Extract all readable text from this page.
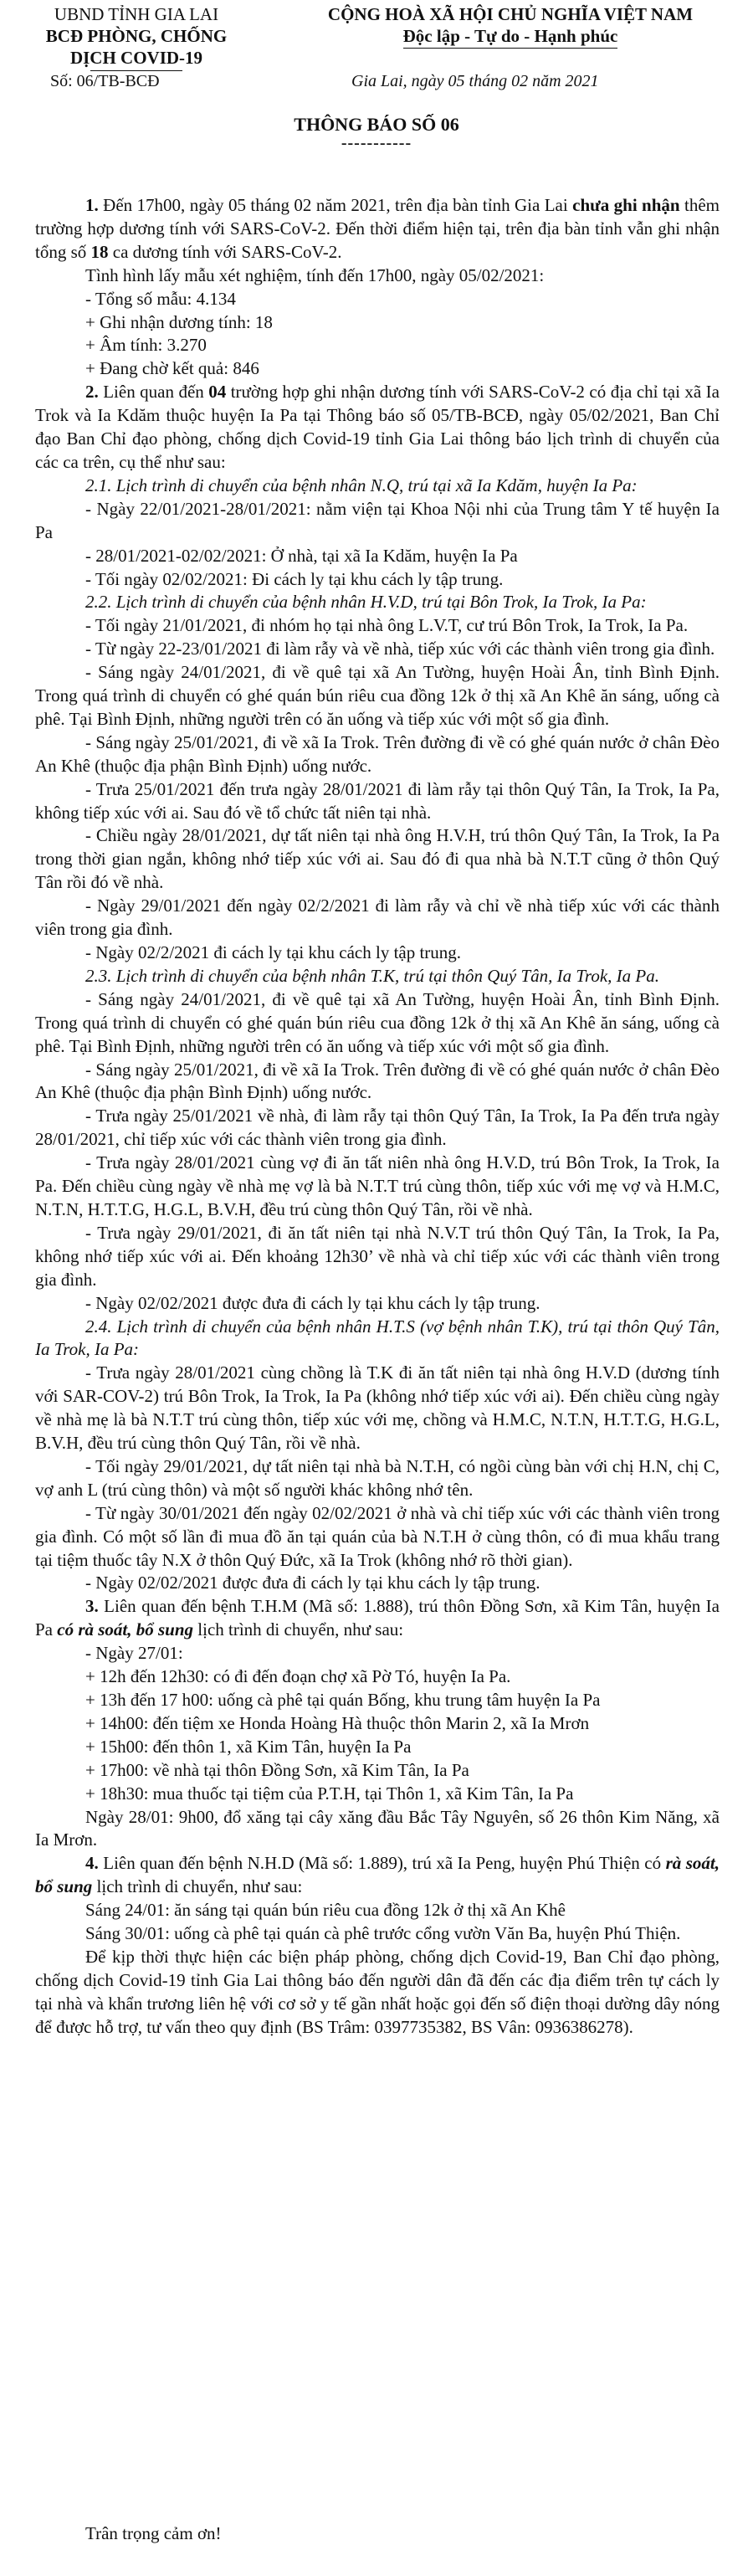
UBND TỈNH GIA LAI
BCĐ PHÒNG, CHỐNG
DỊCH COVID-19
CỘNG HOÀ XÃ HỘI CHỦ NGHĨA VIỆT NAM
Độc lập - Tự do - Hạnh phúc
Số: 06/TB-BCĐ	Gia Lai, ngày 05 tháng 02 năm 2021
THÔNG BÁO SỐ 06
-----------

1. Đến 17h00, ngày 05 tháng 02 năm 2021, trên địa bàn tỉnh Gia Lai chưa ghi nhận thêm trường hợp dương tính với SARS-CoV-2. Đến thời điểm hiện tại, trên địa bàn tỉnh vẫn ghi nhận tổng số 18 ca dương tính với SARS-CoV-2.

Tình hình lấy mẫu xét nghiệm, tính đến 17h00, ngày 05/02/2021:

- Tổng số mẫu: 4.134

+ Ghi nhận dương tính: 18

+ Âm tính: 3.270

+ Đang chờ kết quả: 846

2. Liên quan đến 04 trường hợp ghi nhận dương tính với SARS-CoV-2 có địa chỉ tại xã Ia Trok và Ia Kdăm thuộc huyện Ia Pa tại Thông báo số 05/TB-BCĐ, ngày 05/02/2021, Ban Chỉ đạo Ban Chỉ đạo phòng, chống dịch Covid-19 tỉnh Gia Lai thông báo lịch trình di chuyển của các ca trên, cụ thể như sau:

2.1. Lịch trình di chuyển của bệnh nhân N.Q, trú tại xã Ia Kdăm, huyện Ia Pa:

- Ngày 22/01/2021-28/01/2021: nằm viện tại Khoa Nội nhi của Trung tâm Y tế huyện Ia Pa

- 28/01/2021-02/02/2021: Ở nhà, tại xã Ia Kdăm, huyện Ia Pa

- Tối ngày 02/02/2021: Đi cách ly tại khu cách ly tập trung.

2.2. Lịch trình di chuyển của bệnh nhân H.V.D, trú tại Bôn Trok, Ia Trok, Ia Pa:

- Tối ngày 21/01/2021, đi nhóm họ tại nhà ông L.V.T, cư trú Bôn Trok, Ia Trok, Ia Pa.

- Từ ngày 22-23/01/2021 đi làm rẫy và về nhà, tiếp xúc với các thành viên trong gia đình.

- Sáng ngày 24/01/2021, đi về quê tại xã An Tường, huyện Hoài Ân, tỉnh Bình Định. Trong quá trình di chuyển có ghé quán bún riêu cua đồng 12k ở thị xã An Khê ăn sáng, uống cà phê. Tại Bình Định, những người trên có ăn uống và tiếp xúc với một số gia đình.

- Sáng ngày 25/01/2021, đi về xã Ia Trok. Trên đường đi về có ghé quán nước ở chân Đèo An Khê (thuộc địa phận Bình Định) uống nước.

- Trưa 25/01/2021 đến trưa ngày 28/01/2021 đi làm rẫy tại thôn Quý Tân, Ia Trok, Ia Pa, không tiếp xúc với ai. Sau đó về tổ chức tất niên tại nhà.

- Chiều ngày 28/01/2021, dự tất niên tại nhà ông H.V.H, trú thôn Quý Tân, Ia Trok, Ia Pa trong thời gian ngắn, không nhớ tiếp xúc với ai. Sau đó đi qua nhà bà N.T.T cũng ở thôn Quý Tân rồi đó về nhà.

- Ngày 29/01/2021 đến ngày 02/2/2021 đi làm rẫy và chỉ về nhà tiếp xúc với các thành viên trong gia đình.

- Ngày 02/2/2021 đi cách ly tại khu cách ly tập trung.

2.3. Lịch trình di chuyển của bệnh nhân T.K, trú tại thôn Quý Tân, Ia Trok, Ia Pa.

- Sáng ngày 24/01/2021, đi về quê tại xã An Tường, huyện Hoài Ân, tỉnh Bình Định. Trong quá trình di chuyển có ghé quán bún riêu cua đồng 12k ở thị xã An Khê ăn sáng, uống cà phê. Tại Bình Định, những người trên có ăn uống và tiếp xúc với một số gia đình.

- Sáng ngày 25/01/2021, đi về xã Ia Trok. Trên đường đi về có ghé quán nước ở chân Đèo An Khê (thuộc địa phận Bình Định) uống nước.

- Trưa ngày 25/01/2021 về nhà, đi làm rẫy tại thôn Quý Tân, Ia Trok, Ia Pa đến trưa ngày 28/01/2021, chỉ tiếp xúc với các thành viên trong gia đình.

- Trưa ngày 28/01/2021 cùng vợ đi ăn tất niên nhà ông H.V.D, trú Bôn Trok, Ia Trok, Ia Pa. Đến chiều cùng ngày về nhà mẹ vợ là bà N.T.T trú cùng thôn, tiếp xúc với mẹ vợ và H.M.C, N.T.N, H.T.T.G, H.G.L, B.V.H, đều trú cùng thôn Quý Tân, rồi về nhà.

- Trưa ngày 29/01/2021, đi ăn tất niên tại nhà N.V.T trú thôn Quý Tân, Ia Trok, Ia Pa, không nhớ tiếp xúc với ai. Đến khoảng 12h30’ về nhà và chỉ tiếp xúc với các thành viên trong gia đình.

- Ngày 02/02/2021 được đưa đi cách ly tại khu cách ly tập trung.

2.4. Lịch trình di chuyển của bệnh nhân H.T.S (vợ bệnh nhân T.K), trú tại thôn Quý Tân, Ia Trok, Ia Pa:

- Trưa ngày 28/01/2021 cùng chồng là T.K đi ăn tất niên tại nhà ông H.V.D (dương tính với SAR-COV-2) trú Bôn Trok, Ia Trok, Ia Pa (không nhớ tiếp xúc với ai). Đến chiều cùng ngày về nhà mẹ là bà N.T.T trú cùng thôn, tiếp xúc với mẹ, chồng và H.M.C, N.T.N, H.T.T.G, H.G.L, B.V.H, đều trú cùng thôn Quý Tân, rồi về nhà.

- Tối ngày 29/01/2021, dự tất niên tại nhà bà N.T.H, có ngồi cùng bàn với chị H.N, chị C, vợ anh L (trú cùng thôn) và một số người khác không nhớ tên.

- Từ ngày 30/01/2021 đến ngày 02/02/2021 ở nhà và chỉ tiếp xúc với các thành viên trong gia đình. Có một số lần đi mua đồ ăn tại quán của bà N.T.H ở cùng thôn, có đi mua khẩu trang tại tiệm thuốc tây N.X ở thôn Quý Đức, xã Ia Trok (không nhớ rõ thời gian).

- Ngày 02/02/2021 được đưa đi cách ly tại khu cách ly tập trung.

3. Liên quan đến bệnh T.H.M (Mã số: 1.888), trú thôn Đồng Sơn, xã Kim Tân, huyện Ia Pa có rà soát, bổ sung lịch trình di chuyển, như sau:

- Ngày 27/01:

+ 12h đến 12h30: có đi đến đoạn chợ xã Pờ Tó, huyện Ia Pa.

+ 13h đến 17 h00: uống cà phê tại quán Bống, khu trung tâm huyện Ia Pa

+ 14h00: đến tiệm xe Honda Hoàng Hà thuộc thôn Marin 2, xã Ia Mrơn

+ 15h00: đến thôn 1, xã Kim Tân, huyện Ia Pa

+ 17h00: về nhà tại thôn Đồng Sơn, xã Kim Tân, Ia Pa

+ 18h30: mua thuốc tại tiệm của P.T.H, tại Thôn 1, xã Kim Tân, Ia Pa

Ngày 28/01: 9h00, đổ xăng tại cây xăng đầu Bắc Tây Nguyên, số 26 thôn Kim Năng, xã Ia Mrơn.

4. Liên quan đến bệnh N.H.D (Mã số: 1.889), trú xã Ia Peng, huyện Phú Thiện có rà soát, bổ sung lịch trình di chuyển, như sau:

Sáng 24/01: ăn sáng tại quán bún riêu cua đồng 12k ở thị xã An Khê

Sáng 30/01: uống cà phê tại quán cà phê trước cổng vườn Văn Ba, huyện Phú Thiện.

Để kịp thời thực hiện các biện pháp phòng, chống dịch Covid-19, Ban Chỉ đạo phòng, chống dịch Covid-19 tỉnh Gia Lai thông báo đến người dân đã đến các địa điểm trên tự cách ly tại nhà và khẩn trương liên hệ với cơ sở y tế gần nhất hoặc gọi đến số điện thoại dường dây nóng để được hỗ trợ, tư vấn theo quy định (BS Trâm: 0397735382, BS Vân: 0936386278).

Trân trọng cảm ơn!
